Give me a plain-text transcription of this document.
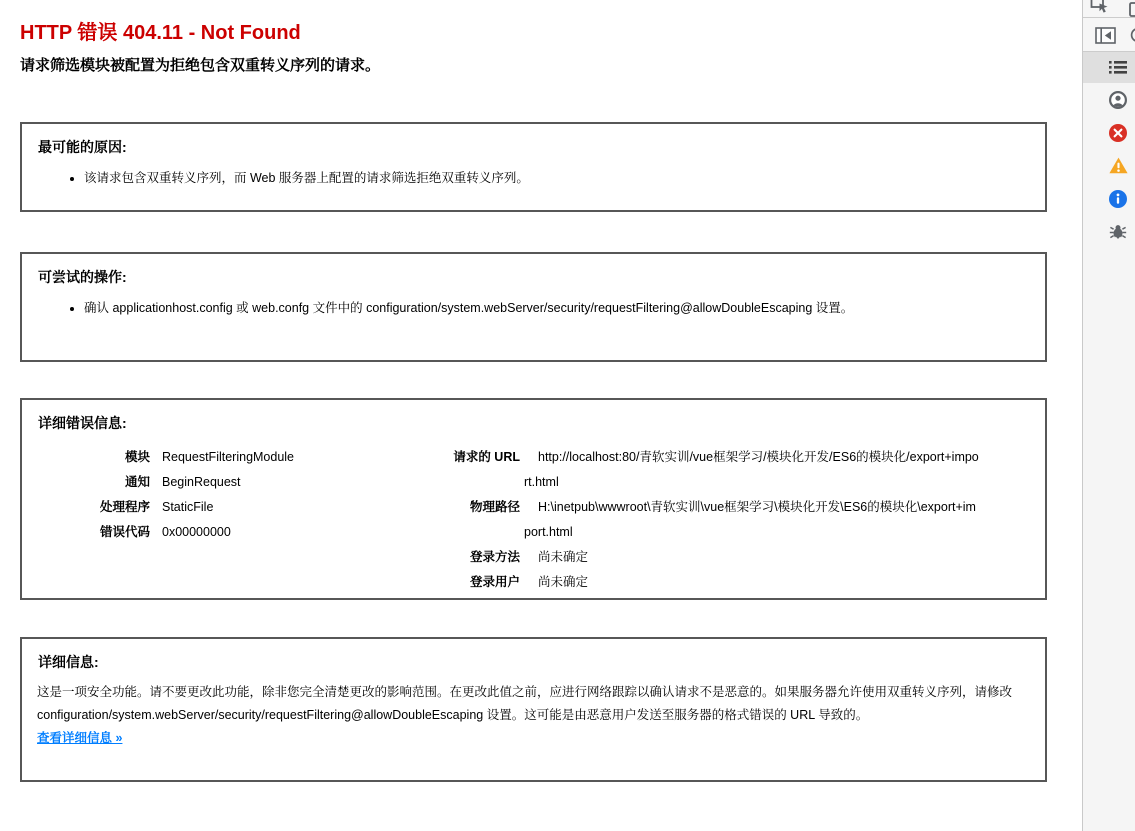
HTTP 错误 404.11 - Not Found
请求筛选模块被配置为拒绝包含双重转义序列的请求。
最可能的原因:
• 该请求包含双重转义序列，而 Web 服务器上配置的请求筛选拒绝双重转义序列。
可尝试的操作:
• 确认 applicationhost.config 或 web.confg 文件中的 configuration/system.webServer/security/requestFiltering@allowDoubleEscaping 设置。
详细错误信息:
模块 RequestFilteringModule
通知 BeginRequest
处理程序 StaticFile
错误代码 0x00000000
请求的 URL	http://localhost:80/青软实训/vue框架学习/模块化开发/ES6的模块化/export+import.html
物理路径	H:\inetpub\wwwroot\青软实训\vue框架学习\模块化开发\ES6的模块化\export+import.html
登录方法	尚未确定
登录用户	尚未确定
详细信息:
这是一项安全功能。请不要更改此功能，除非您完全清楚更改的影响范围。在更改此值之前，应进行网络跟踪以确认请求不是恶意的。如果服务器允许使用双重转义序列，请修改 configuration/system.webServer/security/requestFiltering@allowDoubleEscaping 设置。这可能是由恶意用户发送至服务器的格式错误的 URL 导致的。
查看详细信息 »
